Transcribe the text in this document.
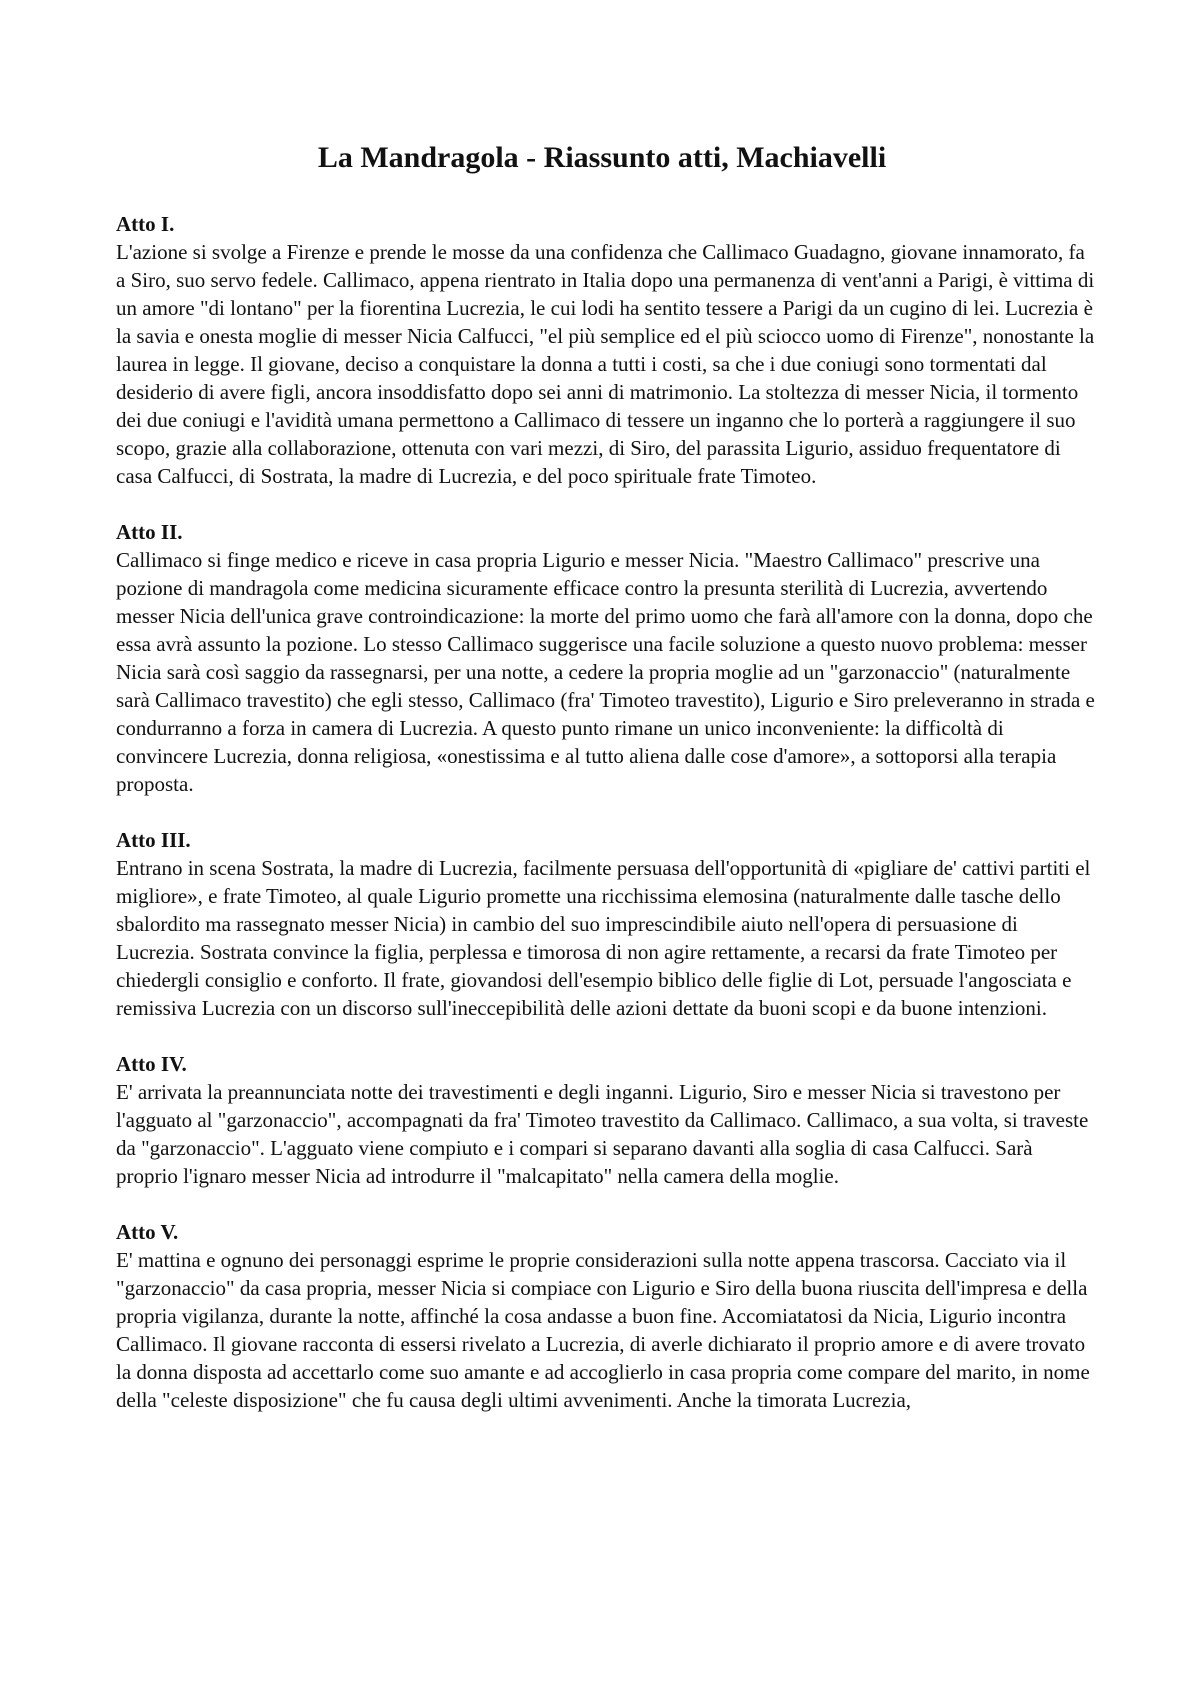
La Mandragola - Riassunto atti, Machiavelli
Atto I.
L'azione si svolge a Firenze e prende le mosse da una confidenza che Callimaco Guadagno, giovane innamorato, fa a Siro, suo servo fedele. Callimaco, appena rientrato in Italia dopo una permanenza di vent'anni a Parigi, è vittima di un amore "di lontano" per la fiorentina Lucrezia, le cui lodi ha sentito tessere a Parigi da un cugino di lei. Lucrezia è la savia e onesta moglie di messer Nicia Calfucci, "el più semplice ed el più sciocco uomo di Firenze", nonostante la laurea in legge. Il giovane, deciso a conquistare la donna a tutti i costi, sa che i due coniugi sono tormentati dal desiderio di avere figli, ancora insoddisfatto dopo sei anni di matrimonio. La stoltezza di messer Nicia, il tormento dei due coniugi e l'avidità umana permettono a Callimaco di tessere un inganno che lo porterà a raggiungere il suo scopo, grazie alla collaborazione, ottenuta con vari mezzi, di Siro, del parassita Ligurio, assiduo frequentatore di casa Calfucci, di Sostrata, la madre di Lucrezia, e del poco spirituale frate Timoteo.
Atto II.
Callimaco si finge medico e riceve in casa propria Ligurio e messer Nicia. "Maestro Callimaco" prescrive una pozione di mandragola come medicina sicuramente efficace contro la presunta sterilità di Lucrezia, avvertendo messer Nicia dell'unica grave controindicazione: la morte del primo uomo che farà all'amore con la donna, dopo che essa avrà assunto la pozione. Lo stesso Callimaco suggerisce una facile soluzione a questo nuovo problema: messer Nicia sarà così saggio da rassegnarsi, per una notte, a cedere la propria moglie ad un "garzonaccio" (naturalmente sarà Callimaco travestito) che egli stesso, Callimaco (fra' Timoteo travestito), Ligurio e Siro preleveranno in strada e condurranno a forza in camera di Lucrezia. A questo punto rimane un unico inconveniente: la difficoltà di convincere Lucrezia, donna religiosa, «onestissima e al tutto aliena dalle cose d'amore», a sottoporsi alla terapia proposta.
Atto III.
Entrano in scena Sostrata, la madre di Lucrezia, facilmente persuasa dell'opportunità di «pigliare de' cattivi partiti el migliore», e frate Timoteo, al quale Ligurio promette una ricchissima elemosina (naturalmente dalle tasche dello sbalordito ma rassegnato messer Nicia) in cambio del suo imprescindibile aiuto nell'opera di persuasione di Lucrezia. Sostrata convince la figlia, perplessa e timorosa di non agire rettamente, a recarsi da frate Timoteo per chiedergli consiglio e conforto. Il frate, giovandosi dell'esempio biblico delle figlie di Lot, persuade l'angosciata e remissiva Lucrezia con un discorso sull'ineccepibilità delle azioni dettate da buoni scopi e da buone intenzioni.
Atto IV.
E' arrivata la preannunciata notte dei travestimenti e degli inganni. Ligurio, Siro e messer Nicia si travestono per l'agguato al "garzonaccio", accompagnati da fra' Timoteo travestito da Callimaco. Callimaco, a sua volta, si traveste da "garzonaccio". L'agguato viene compiuto e i compari si separano davanti alla soglia di casa Calfucci. Sarà proprio l'ignaro messer Nicia ad introdurre il "malcapitato" nella camera della moglie.
Atto V.
E' mattina e ognuno dei personaggi esprime le proprie considerazioni sulla notte appena trascorsa. Cacciato via il "garzonaccio" da casa propria, messer Nicia si compiace con Ligurio e Siro della buona riuscita dell'impresa e della propria vigilanza, durante la notte, affinché la cosa andasse a buon fine. Accomiatatosi da Nicia, Ligurio incontra Callimaco. Il giovane racconta di essersi rivelato a Lucrezia, di averle dichiarato il proprio amore e di avere trovato la donna disposta ad accettarlo come suo amante e ad accoglierlo in casa propria come compare del marito, in nome della "celeste disposizione" che fu causa degli ultimi avvenimenti. Anche la timorata Lucrezia,
